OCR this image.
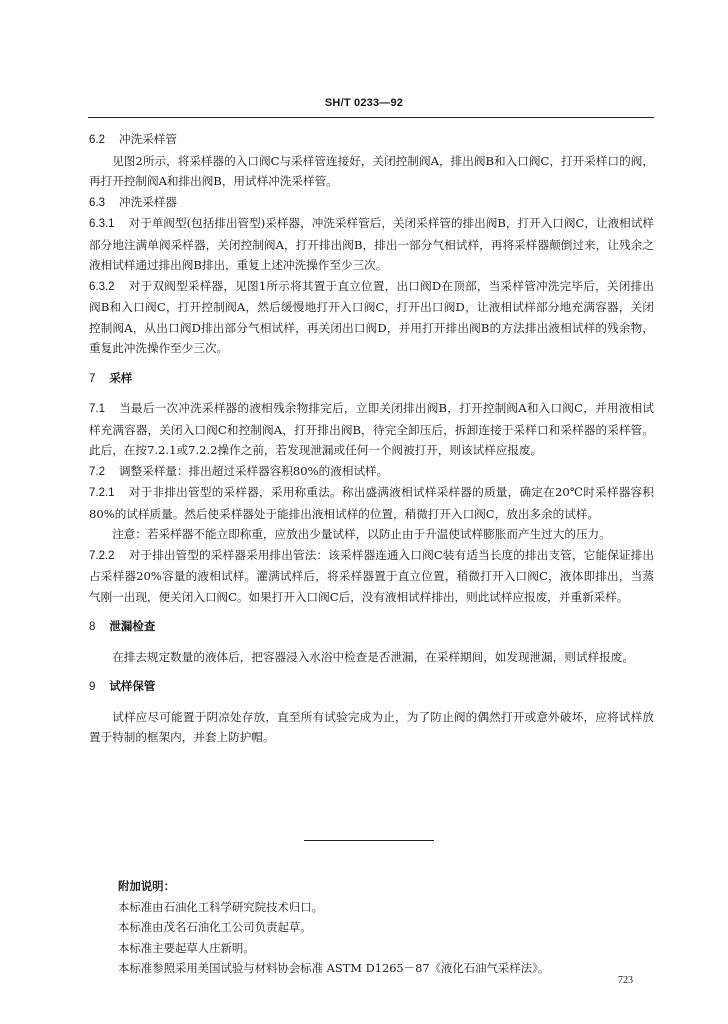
SH/T 0233—92

6.2 冲洗采样管

见图2所示，将采样器的入口阀C与采样管连接好，关闭控制阀A，排出阀B和入口阀C，打开采样口的阀，再打开控制阀A和排出阀B，用试样冲洗采样管。

6.3 冲洗采样器

6.3.1 对于单阀型(包括排出管型)采样器，冲洗采样管后，关闭采样管的排出阀B，打开入口阀C，让液相试样部分地注满单阀采样器，关闭控制阀A，打开排出阀B，排出一部分气相试样，再将采样器颠倒过来，让残余之液相试样通过排出阀B排出，重复上述冲洗操作至少三次。

6.3.2 对于双阀型采样器，见图1所示将其置于直立位置，出口阀D在顶部，当采样管冲洗完毕后，关闭排出阀B和入口阀C，打开控制阀A，然后缓慢地打开入口阀C，打开出口阀D，让液相试样部分地充满容器，关闭控制阀A，从出口阀D排出部分气相试样，再关闭出口阀D，并用打开排出阀B的方法排出液相试样的残余物，重复此冲洗操作至少三次。

7 采样

7.1 当最后一次冲洗采样器的液相残余物排完后，立即关闭排出阀B，打开控制阀A和入口阀C，并用液相试样充满容器，关闭入口阀C和控制阀A，打开排出阀B，待完全卸压后，拆卸连接于采样口和采样器的采样管。此后，在按7.2.1或7.2.2操作之前，若发现泄漏或任何一个阀被打开，则该试样应报废。

7.2 调整采样量：排出超过采样器容积80%的液相试样。

7.2.1 对于非排出管型的采样器，采用称重法。称出盛满液相试样采样器的质量，确定在20℃时采样器容积80%的试样质量。然后使采样器处于能排出液相试样的位置，稍微打开入口阀C，放出多余的试样。

注意：若采样器不能立即称重，应放出少量试样，以防止由于升温使试样膨胀而产生过大的压力。

7.2.2 对于排出管型的采样器采用排出管法：该采样器连通入口阀C装有适当长度的排出支管，它能保证排出占采样器20%容量的液相试样。灌满试样后，将采样器置于直立位置，稍微打开入口阀C，液体即排出，当蒸气刚一出现，便关闭入口阀C。如果打开入口阀C后，没有液相试样排出，则此试样应报废，并重新采样。

8 泄漏检查

在排去规定数量的液体后，把容器浸入水浴中检查是否泄漏，在采样期间，如发现泄漏，则试样报废。

9 试样保管

试样应尽可能置于阴凉处存放，直至所有试验完成为止，为了防止阀的偶然打开或意外破坏，应将试样放置于特制的框架内，并套上防护帽。

附加说明：

本标准由石油化工科学研究院技术归口。

本标准由茂名石油化工公司负责起草。

本标准主要起草人庄新明。

本标准参照采用美国试验与材料协会标准 ASTM D1265－87《液化石油气采样法》。

723
